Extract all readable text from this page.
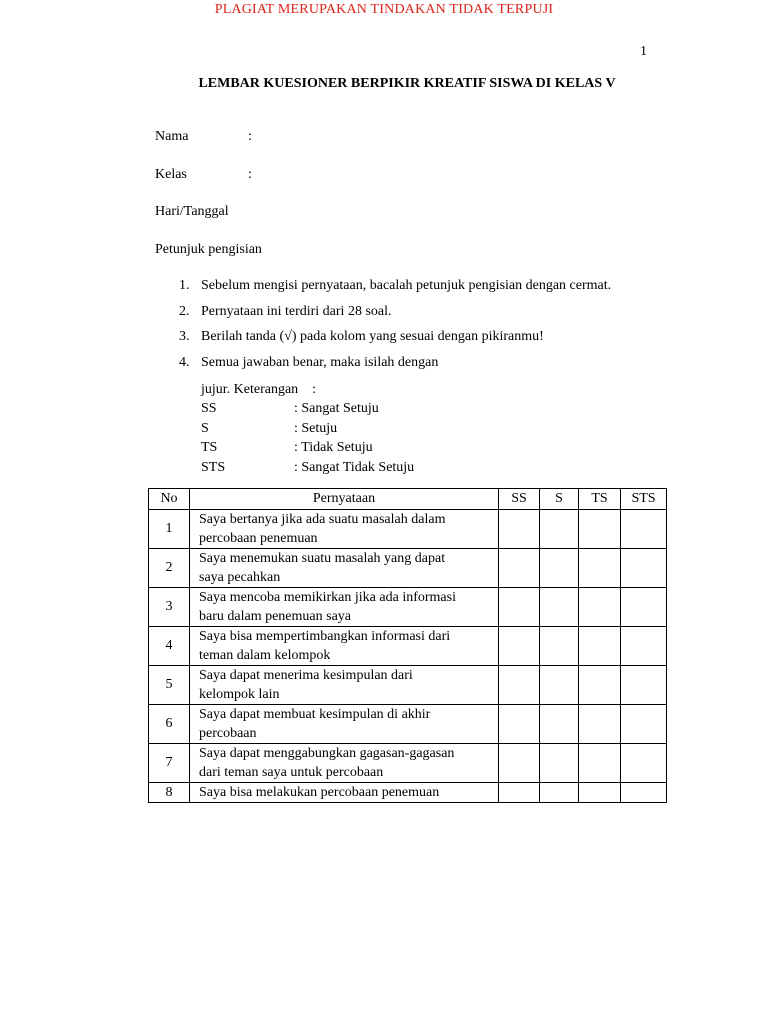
PLAGIAT MERUPAKAN TINDAKAN TIDAK TERPUJI
1
LEMBAR KUESIONER BERPIKIR KREATIF SISWA DI KELAS V
Nama	:
Kelas	:
Hari/Tanggal
Petunjuk pengisian
1. Sebelum mengisi pernyataan, bacalah petunjuk pengisian dengan cermat.
2. Pernyataan ini terdiri dari 28 soal.
3. Berilah tanda (√) pada kolom yang sesuai dengan pikiranmu!
4. Semua jawaban benar, maka isilah dengan
jujur. Keterangan    :
SS	: Sangat Setuju
S	: Setuju
TS	: Tidak Setuju
STS	: Sangat Tidak Setuju
No	Pernyataan	SS	S	TS	STS
1	Saya bertanya jika ada suatu masalah dalam
percobaan penemuan				

2	Saya menemukan suatu masalah yang dapat
saya pecahkan				

3	Saya mencoba memikirkan jika ada informasi
baru dalam penemuan saya				

4	Saya bisa mempertimbangkan informasi dari
teman dalam kelompok				

5	Saya dapat menerima kesimpulan dari
kelompok lain				

6	Saya dapat membuat kesimpulan di akhir
percobaan				

7	Saya dapat menggabungkan gagasan-gagasan
dari teman saya untuk percobaan				

8	Saya bisa melakukan percobaan penemuan				
